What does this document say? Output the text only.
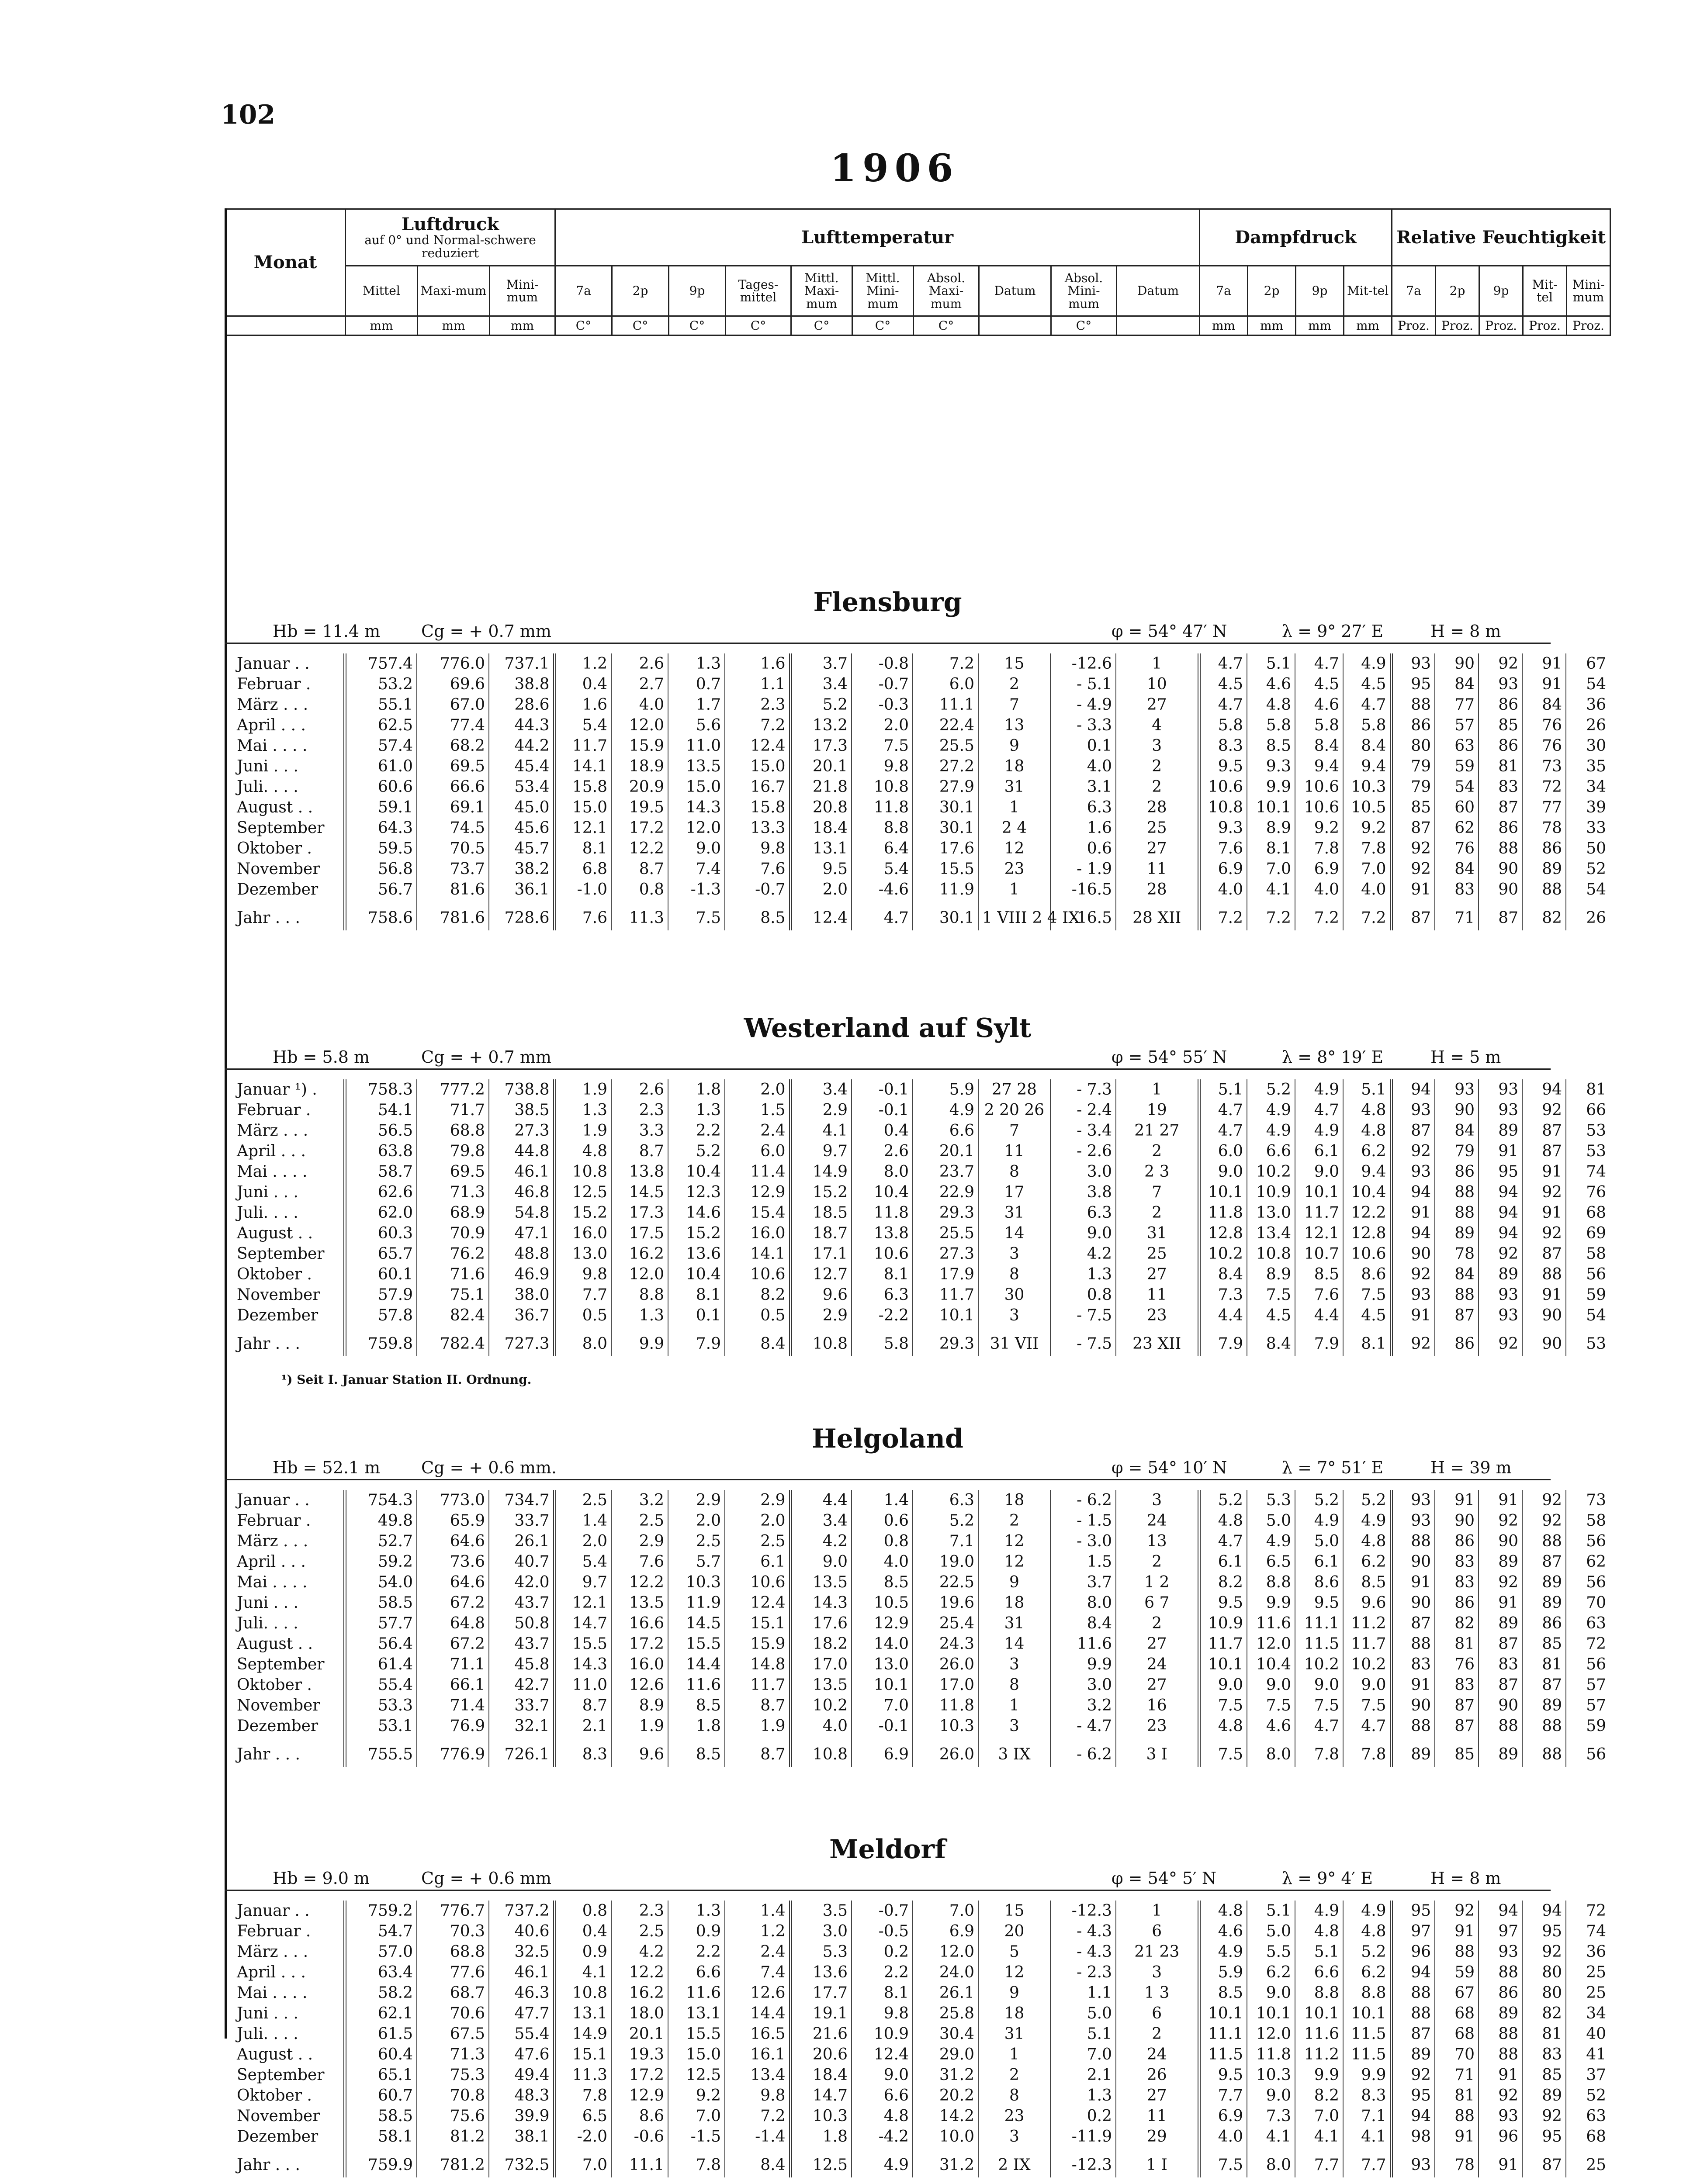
102
1906
Monat	Luftdruck
auf 0° und Normal-schwere reduziert			Lufttemperatur										Dampfdruck				Relative Feuchtigkeit				
	Mittel	Maxi-mum	Mini-mum	7a	2p	9p	Tages-mittel	Mittl. Maxi-mum	Mittl. Mini-mum	Absol. Maxi-mum	Datum	Absol. Mini-mum	Datum	7a	2p	9p	Mit-tel	7a	2p	9p	Mit-tel	Mini-mum
	mm	mm	mm	C°	C°	C°	C°	C°	C°	C°		C°		mm	mm	mm	mm	Proz.	Proz.	Proz.	Proz.	Proz.
Flensburg
Hb = 11.4 m Cg = + 0.7 mm	φ = 54° 47′ N	λ = 9° 27′ E	H = 8 m
Januar . .	757.4	776.0	737.1	1.2	2.6	1.3	1.6	3.7	-0.8	7.2	15	-12.6	1	4.7	5.1	4.7	4.9	93	90	92	91	67
Februar .	53.2	69.6	38.8	0.4	2.7	0.7	1.1	3.4	-0.7	6.0	2	- 5.1	10	4.5	4.6	4.5	4.5	95	84	93	91	54
März . . .	55.1	67.0	28.6	1.6	4.0	1.7	2.3	5.2	-0.3	11.1	7	- 4.9	27	4.7	4.8	4.6	4.7	88	77	86	84	36
April . . .	62.5	77.4	44.3	5.4	12.0	5.6	7.2	13.2	2.0	22.4	13	- 3.3	4	5.8	5.8	5.8	5.8	86	57	85	76	26
Mai . . . .	57.4	68.2	44.2	11.7	15.9	11.0	12.4	17.3	7.5	25.5	9	0.1	3	8.3	8.5	8.4	8.4	80	63	86	76	30
Juni . . .	61.0	69.5	45.4	14.1	18.9	13.5	15.0	20.1	9.8	27.2	18	4.0	2	9.5	9.3	9.4	9.4	79	59	81	73	35
Juli. . . .	60.6	66.6	53.4	15.8	20.9	15.0	16.7	21.8	10.8	27.9	31	3.1	2	10.6	9.9	10.6	10.3	79	54	83	72	34
August . .	59.1	69.1	45.0	15.0	19.5	14.3	15.8	20.8	11.8	30.1	1	6.3	28	10.8	10.1	10.6	10.5	85	60	87	77	39
September	64.3	74.5	45.6	12.1	17.2	12.0	13.3	18.4	8.8	30.1	2 4	1.6	25	9.3	8.9	9.2	9.2	87	62	86	78	33
Oktober .	59.5	70.5	45.7	8.1	12.2	9.0	9.8	13.1	6.4	17.6	12	0.6	27	7.6	8.1	7.8	7.8	92	76	88	86	50
November	56.8	73.7	38.2	6.8	8.7	7.4	7.6	9.5	5.4	15.5	23	- 1.9	11	6.9	7.0	6.9	7.0	92	84	90	89	52
Dezember	56.7	81.6	36.1	-1.0	0.8	-1.3	-0.7	2.0	-4.6	11.9	1	-16.5	28	4.0	4.1	4.0	4.0	91	83	90	88	54
Jahr . . .	758.6	781.6	728.6	7.6	11.3	7.5	8.5	12.4	4.7	30.1	1 VIII 2 4 IX	-16.5	28 XII	7.2	7.2	7.2	7.2	87	71	87	82	26
Westerland auf Sylt
Hb = 5.8 m	Cg = + 0.7 mm	φ = 54° 55′ N	λ = 8° 19′ E	H = 5 m
Januar ¹) .	758.3	777.2	738.8	1.9	2.6	1.8	2.0	3.4	-0.1	5.9	27 28	- 7.3	1	5.1	5.2	4.9	5.1	94	93	93	94	81
Februar .	54.1	71.7	38.5	1.3	2.3	1.3	1.5	2.9	-0.1	4.9	2 20 26	- 2.4	19	4.7	4.9	4.7	4.8	93	90	93	92	66
März . . .	56.5	68.8	27.3	1.9	3.3	2.2	2.4	4.1	0.4	6.6	7	- 3.4	21 27	4.7	4.9	4.9	4.8	87	84	89	87	53
April . . .	63.8	79.8	44.8	4.8	8.7	5.2	6.0	9.7	2.6	20.1	11	- 2.6	2	6.0	6.6	6.1	6.2	92	79	91	87	53
Mai . . . .	58.7	69.5	46.1	10.8	13.8	10.4	11.4	14.9	8.0	23.7	8	3.0	2 3	9.0	10.2	9.0	9.4	93	86	95	91	74
Juni . . .	62.6	71.3	46.8	12.5	14.5	12.3	12.9	15.2	10.4	22.9	17	3.8	7	10.1	10.9	10.1	10.4	94	88	94	92	76
Juli. . . .	62.0	68.9	54.8	15.2	17.3	14.6	15.4	18.5	11.8	29.3	31	6.3	2	11.8	13.0	11.7	12.2	91	88	94	91	68
August . .	60.3	70.9	47.1	16.0	17.5	15.2	16.0	18.7	13.8	25.5	14	9.0	31	12.8	13.4	12.1	12.8	94	89	94	92	69
September	65.7	76.2	48.8	13.0	16.2	13.6	14.1	17.1	10.6	27.3	3	4.2	25	10.2	10.8	10.7	10.6	90	78	92	87	58
Oktober .	60.1	71.6	46.9	9.8	12.0	10.4	10.6	12.7	8.1	17.9	8	1.3	27	8.4	8.9	8.5	8.6	92	84	89	88	56
November	57.9	75.1	38.0	7.7	8.8	8.1	8.2	9.6	6.3	11.7	30	0.8	11	7.3	7.5	7.6	7.5	93	88	93	91	59
Dezember	57.8	82.4	36.7	0.5	1.3	0.1	0.5	2.9	-2.2	10.1	3	- 7.5	23	4.4	4.5	4.4	4.5	91	87	93	90	54
Jahr . . .	759.8	782.4	727.3	8.0	9.9	7.9	8.4	10.8	5.8	29.3	31 VII	- 7.5	23 XII	7.9	8.4	7.9	8.1	92	86	92	90	53
¹) Seit I. Januar Station II. Ordnung.
Helgoland
Hb = 52.1 m Cg = + 0.6 mm.	φ = 54° 10′ N	λ = 7° 51′ E	H = 39 m
Januar . .	754.3	773.0	734.7	2.5	3.2	2.9	2.9	4.4	1.4	6.3	18	- 6.2	3	5.2	5.3	5.2	5.2	93	91	91	92	73
Februar .	49.8	65.9	33.7	1.4	2.5	2.0	2.0	3.4	0.6	5.2	2	- 1.5	24	4.8	5.0	4.9	4.9	93	90	92	92	58
März . . .	52.7	64.6	26.1	2.0	2.9	2.5	2.5	4.2	0.8	7.1	12	- 3.0	13	4.7	4.9	5.0	4.8	88	86	90	88	56
April . . .	59.2	73.6	40.7	5.4	7.6	5.7	6.1	9.0	4.0	19.0	12	1.5	2	6.1	6.5	6.1	6.2	90	83	89	87	62
Mai . . . .	54.0	64.6	42.0	9.7	12.2	10.3	10.6	13.5	8.5	22.5	9	3.7	1 2	8.2	8.8	8.6	8.5	91	83	92	89	56
Juni . . .	58.5	67.2	43.7	12.1	13.5	11.9	12.4	14.3	10.5	19.6	18	8.0	6 7	9.5	9.9	9.5	9.6	90	86	91	89	70
Juli. . . .	57.7	64.8	50.8	14.7	16.6	14.5	15.1	17.6	12.9	25.4	31	8.4	2	10.9	11.6	11.1	11.2	87	82	89	86	63
August . .	56.4	67.2	43.7	15.5	17.2	15.5	15.9	18.2	14.0	24.3	14	11.6	27	11.7	12.0	11.5	11.7	88	81	87	85	72
September	61.4	71.1	45.8	14.3	16.0	14.4	14.8	17.0	13.0	26.0	3	9.9	24	10.1	10.4	10.2	10.2	83	76	83	81	56
Oktober .	55.4	66.1	42.7	11.0	12.6	11.6	11.7	13.5	10.1	17.0	8	3.0	27	9.0	9.0	9.0	9.0	91	83	87	87	57
November	53.3	71.4	33.7	8.7	8.9	8.5	8.7	10.2	7.0	11.8	1	3.2	16	7.5	7.5	7.5	7.5	90	87	90	89	57
Dezember	53.1	76.9	32.1	2.1	1.9	1.8	1.9	4.0	-0.1	10.3	3	- 4.7	23	4.8	4.6	4.7	4.7	88	87	88	88	59
Jahr . . .	755.5	776.9	726.1	8.3	9.6	8.5	8.7	10.8	6.9	26.0	3 IX	- 6.2	3 I	7.5	8.0	7.8	7.8	89	85	89	88	56
Meldorf
Hb = 9.0 m	Cg = + 0.6 mm	φ = 54° 5′ N	λ = 9° 4′ E	H = 8 m
Januar . .	759.2	776.7	737.2	0.8	2.3	1.3	1.4	3.5	-0.7	7.0	15	-12.3	1	4.8	5.1	4.9	4.9	95	92	94	94	72
Februar .	54.7	70.3	40.6	0.4	2.5	0.9	1.2	3.0	-0.5	6.9	20	- 4.3	6	4.6	5.0	4.8	4.8	97	91	97	95	74
März . . .	57.0	68.8	32.5	0.9	4.2	2.2	2.4	5.3	0.2	12.0	5	- 4.3	21 23	4.9	5.5	5.1	5.2	96	88	93	92	36
April . . .	63.4	77.6	46.1	4.1	12.2	6.6	7.4	13.6	2.2	24.0	12	- 2.3	3	5.9	6.2	6.6	6.2	94	59	88	80	25
Mai . . . .	58.2	68.7	46.3	10.8	16.2	11.6	12.6	17.7	8.1	26.1	9	1.1	1 3	8.5	9.0	8.8	8.8	88	67	86	80	25
Juni . . .	62.1	70.6	47.7	13.1	18.0	13.1	14.4	19.1	9.8	25.8	18	5.0	6	10.1	10.1	10.1	10.1	88	68	89	82	34
Juli. . . .	61.5	67.5	55.4	14.9	20.1	15.5	16.5	21.6	10.9	30.4	31	5.1	2	11.1	12.0	11.6	11.5	87	68	88	81	40
August . .	60.4	71.3	47.6	15.1	19.3	15.0	16.1	20.6	12.4	29.0	1	7.0	24	11.5	11.8	11.2	11.5	89	70	88	83	41
September	65.1	75.3	49.4	11.3	17.2	12.5	13.4	18.4	9.0	31.2	2	2.1	26	9.5	10.3	9.9	9.9	92	71	91	85	37
Oktober .	60.7	70.8	48.3	7.8	12.9	9.2	9.8	14.7	6.6	20.2	8	1.3	27	7.7	9.0	8.2	8.3	95	81	92	89	52
November	58.5	75.6	39.9	6.5	8.6	7.0	7.2	10.3	4.8	14.2	23	0.2	11	6.9	7.3	7.0	7.1	94	88	93	92	63
Dezember	58.1	81.2	38.1	-2.0	-0.6	-1.5	-1.4	1.8	-4.2	10.0	3	-11.9	29	4.0	4.1	4.1	4.1	98	91	96	95	68
Jahr . . .	759.9	781.2	732.5	7.0	11.1	7.8	8.4	12.5	4.9	31.2	2 IX	-12.3	1 I	7.5	8.0	7.7	7.7	93	78	91	87	25
